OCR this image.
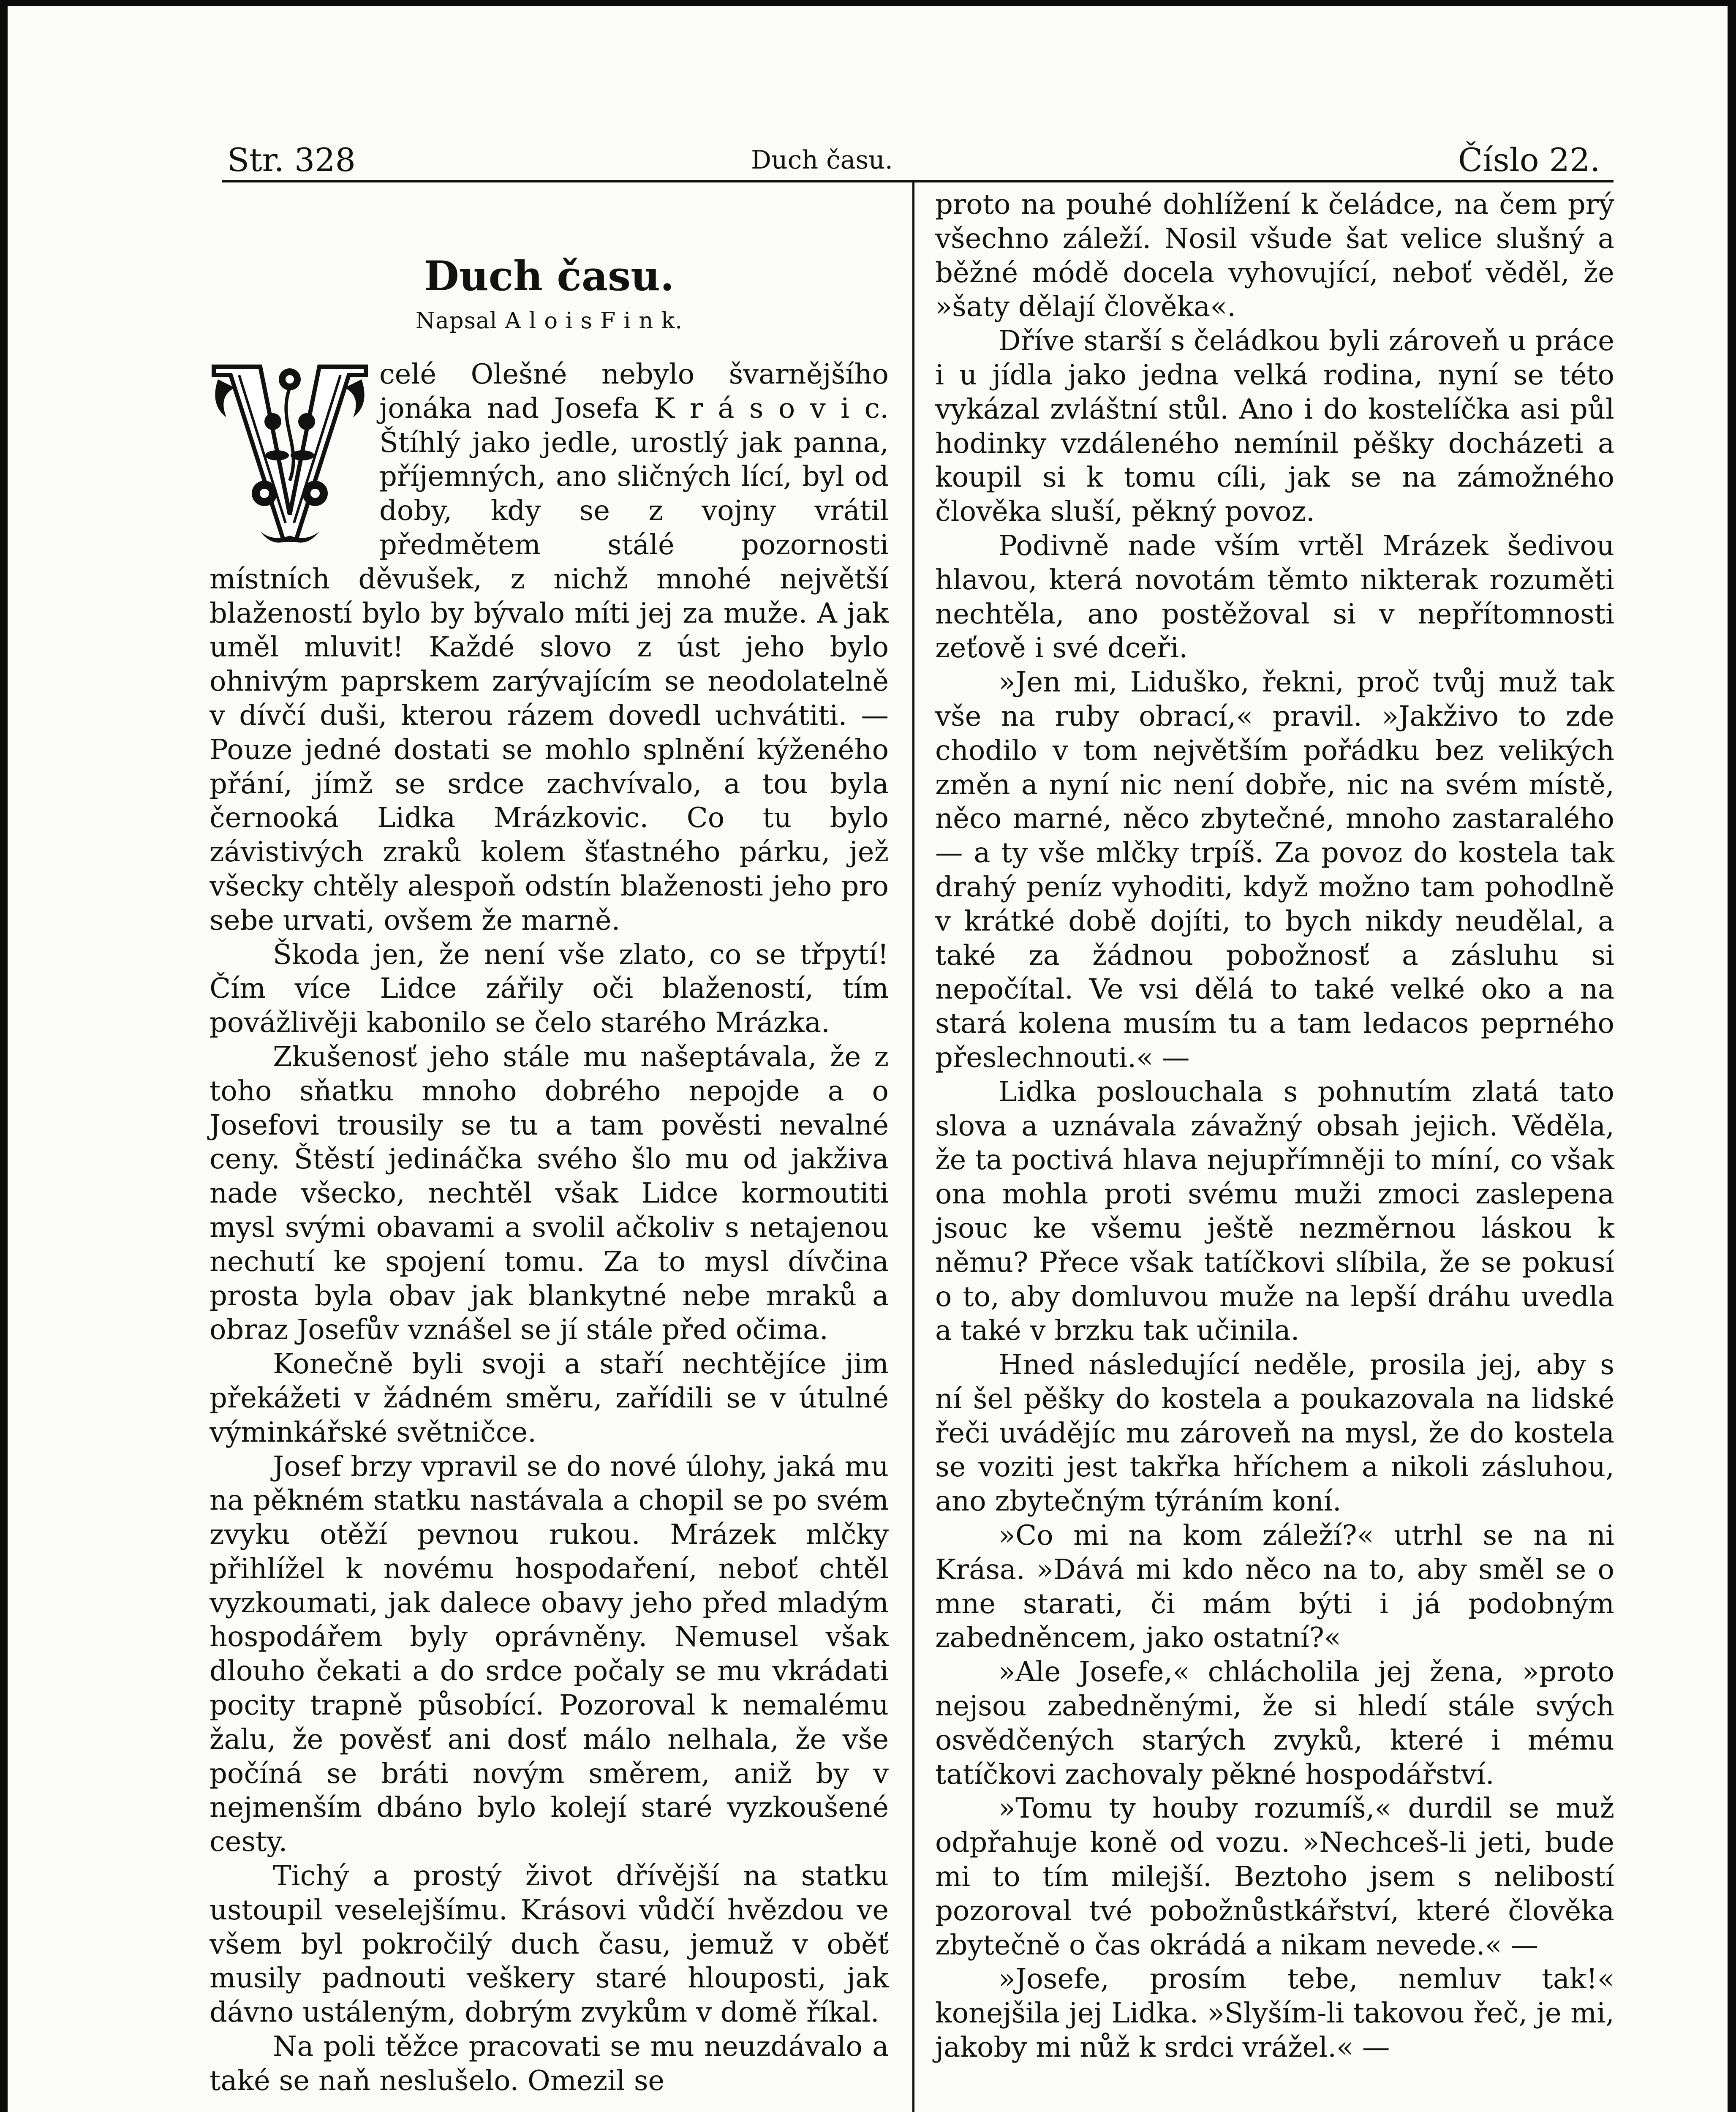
Str. 328	Duch času.	Číslo 22.
Duch času.
Napsal A l o i s F i n k.

celé Olešné nebylo švarnějšího jonáka nad Josefa K r á s o v i c. Štíhlý jako jedle, urostlý jak panna, příjemných, ano sličných lící, byl od doby, kdy se z vojny vrátil předmětem stálé pozornosti místních děvušek, z nichž mnohé největší blažeností bylo by bývalo míti jej za muže. A jak uměl mluvit! Každé slovo z úst jeho bylo ohnivým paprskem zarývajícím se neodolatelně v dívčí duši, kterou rázem dovedl uchvátiti. — Pouze jedné dostati se mohlo splnění kýženého přání, jímž se srdce zachvívalo, a tou byla černooká Lidka Mrázkovic. Co tu bylo závistivých zraků kolem šťastného párku, jež všecky chtěly alespoň odstín blaženosti jeho pro sebe urvati, ovšem že marně.

Škoda jen, že není vše zlato, co se třpytí! Čím více Lidce zářily oči blažeností, tím povážlivěji kabonilo se čelo starého Mrázka.

Zkušenosť jeho stále mu našeptávala, že z toho sňatku mnoho dobrého nepojde a o Josefovi trousily se tu a tam pověsti nevalné ceny. Štěstí jedináčka svého šlo mu od jakživa nade všecko, nechtěl však Lidce kormoutiti mysl svými obavami a svolil ačkoliv s netajenou nechutí ke spojení tomu. Za to mysl dívčina prosta byla obav jak blankytné nebe mraků a obraz Josefův vznášel se jí stále před očima.

Konečně byli svoji a staří nechtějíce jim překážeti v žádném směru, zařídili se v útulné výminkářské světničce.

Josef brzy vpravil se do nové úlohy, jaká mu na pěkném statku nastávala a chopil se po svém zvyku otěží pevnou rukou. Mrázek mlčky přihlížel k novému hospodaření, neboť chtěl vyzkoumati, jak dalece obavy jeho před mladým hospodářem byly oprávněny. Nemusel však dlouho čekati a do srdce počaly se mu vkrádati pocity trapně působící. Pozoroval k nemalému žalu, že pověsť ani dosť málo nelhala, že vše počíná se bráti novým směrem, aniž by v nejmenším dbáno bylo kolejí staré vyzkoušené cesty.

Tichý a prostý život dřívější na statku ustoupil veselejšímu. Krásovi vůdčí hvězdou ve všem byl pokročilý duch času, jemuž v oběť musily padnouti veškery staré hlouposti, jak dávno ustáleným, dobrým zvykům v domě říkal.

Na poli těžce pracovati se mu neuzdávalo a také se naň neslušelo. Omezil se

proto na pouhé dohlížení k čeládce, na čem prý všechno záleží. Nosil všude šat velice slušný a běžné módě docela vyhovující, neboť věděl, že »šaty dělají člověka«.

Dříve starší s čeládkou byli zároveň u práce i u jídla jako jedna velká rodina, nyní se této vykázal zvláštní stůl. Ano i do kostelíčka asi půl hodinky vzdáleného nemínil pěšky docházeti a koupil si k tomu cíli, jak se na zámožného člověka sluší, pěkný povoz.

Podivně nade vším vrtěl Mrázek šedivou hlavou, která novotám těmto nikterak rozuměti nechtěla, ano postěžoval si v nepřítomnosti zeťově i své dceři.

»Jen mi, Liduško, řekni, proč tvůj muž tak vše na ruby obrací,« pravil. »Jakživo to zde chodilo v tom největším pořádku bez velikých změn a nyní nic není dobře, nic na svém místě, něco marné, něco zbytečné, mnoho zastaralého — a ty vše mlčky trpíš. Za povoz do kostela tak drahý peníz vyhoditi, když možno tam pohodlně v krátké době dojíti, to bych nikdy neudělal, a také za žádnou pobožnosť a zásluhu si nepočítal. Ve vsi dělá to také velké oko a na stará kolena musím tu a tam ledacos peprného přeslechnouti.« —

Lidka poslouchala s pohnutím zlatá tato slova a uznávala závažný obsah jejich. Věděla, že ta poctivá hlava nejupřímněji to míní, co však ona mohla proti svému muži zmoci zaslepena jsouc ke všemu ještě nezměrnou láskou k němu? Přece však tatíčkovi slíbila, že se pokusí o to, aby domluvou muže na lepší dráhu uvedla a také v brzku tak učinila.

Hned následující neděle, prosila jej, aby s ní šel pěšky do kostela a poukazovala na lidské řeči uvádějíc mu zároveň na mysl, že do kostela se voziti jest takřka hříchem a nikoli zásluhou, ano zbytečným týráním koní.

»Co mi na kom záleží?« utrhl se na ni Krása. »Dává mi kdo něco na to, aby směl se o mne starati, či mám býti i já podobným zabedněncem, jako ostatní?«

»Ale Josefe,« chlácholila jej žena, »proto nejsou zabedněnými, že si hledí stále svých osvědčených starých zvyků, které i mému tatíčkovi zachovaly pěkné hospodářství.

»Tomu ty houby rozumíš,« durdil se muž odpřahuje koně od vozu. »Nechceš-li jeti, bude mi to tím milejší. Beztoho jsem s nelibostí pozoroval tvé pobožnůstkářství, které člověka zbytečně o čas okrádá a nikam nevede.« —

»Josefe, prosím tebe, nemluv tak!« konejšila jej Lidka. »Slyším-li takovou řeč, je mi, jakoby mi nůž k srdci vrážel.« —
